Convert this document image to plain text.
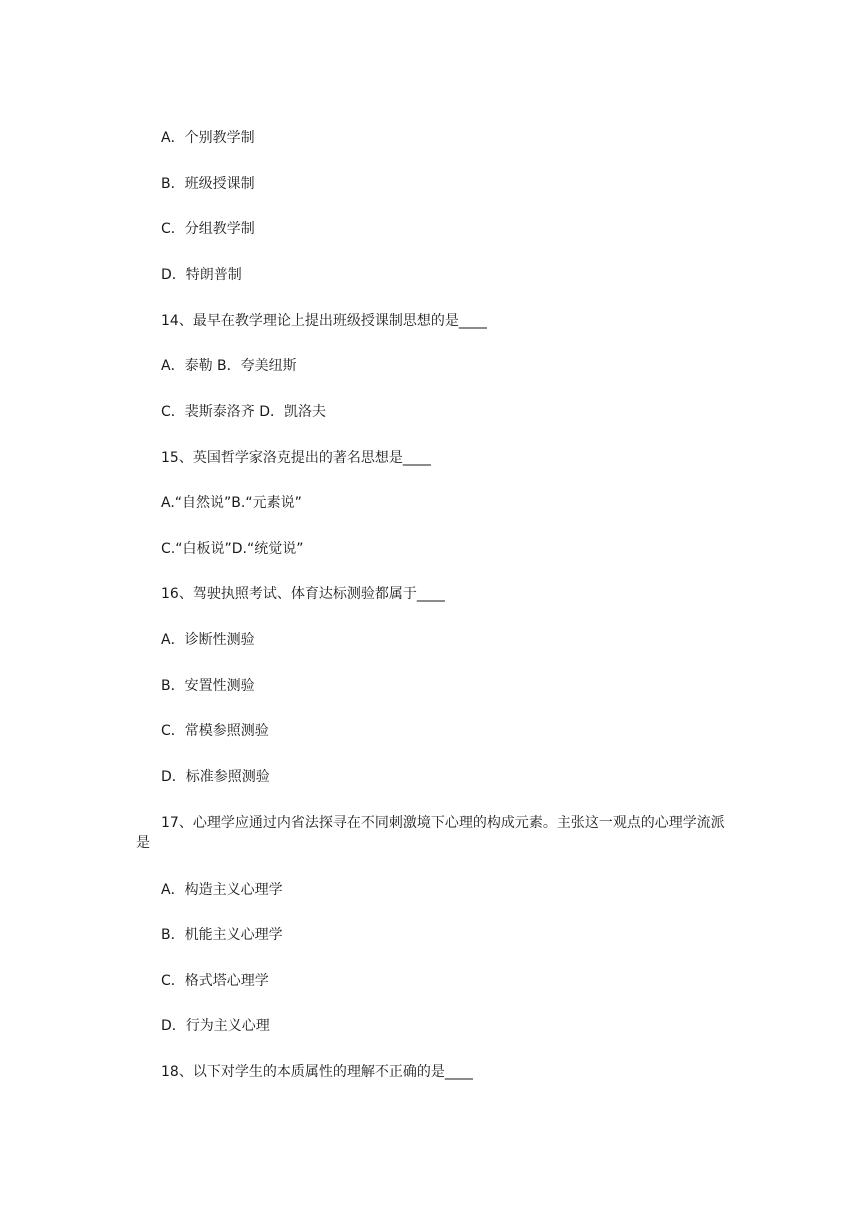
A．个别教学制
B．班级授课制
C．分组教学制
D．特朗普制
14、最早在教学理论上提出班级授课制思想的是____
A．泰勒 B．夸美纽斯
C．裴斯泰洛齐 D．凯洛夫
15、英国哲学家洛克提出的著名思想是____
A.“自然说”B.“元素说”
C.“白板说”D.“统觉说”
16、驾驶执照考试、体育达标测验都属于____
A．诊断性测验
B．安置性测验
C．常模参照测验
D．标准参照测验
17、心理学应通过内省法探寻在不同刺激境下心理的构成元素。主张这一观点的心理学流派是
A．构造主义心理学
B．机能主义心理学
C．格式塔心理学
D．行为主义心理
18、以下对学生的本质属性的理解不正确的是____
